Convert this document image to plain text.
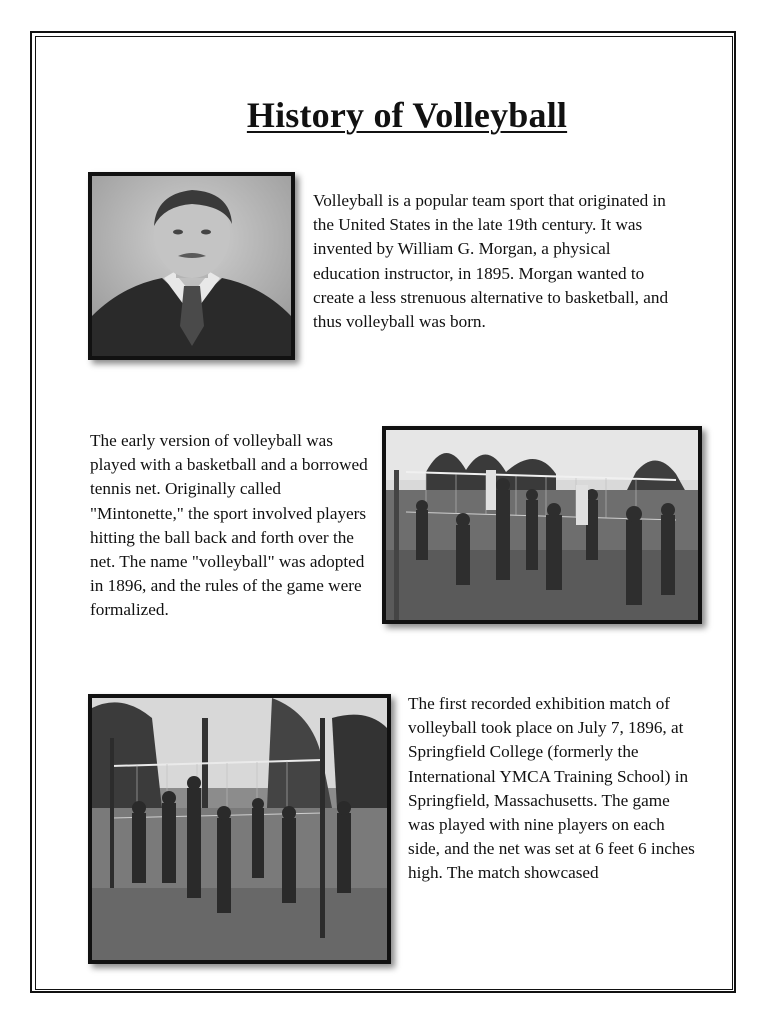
History of Volleyball

Volleyball is a popular team sport that originated in the United States in the late 19th century. It was invented by William G. Morgan, a physical education instructor, in 1895. Morgan wanted to create a less strenuous alternative to basketball, and thus volleyball was born.

The early version of volleyball was played with a basketball and a borrowed tennis net. Originally called "Mintonette," the sport involved players hitting the ball back and forth over the net. The name "volleyball" was adopted in 1896, and the rules of the game were formalized.

The first recorded exhibition match of volleyball took place on July 7, 1896, at Springfield College (formerly the International YMCA Training School) in Springfield, Massachusetts. The game was played with nine players on each side, and the net was set at 6 feet 6 inches high. The match showcased
